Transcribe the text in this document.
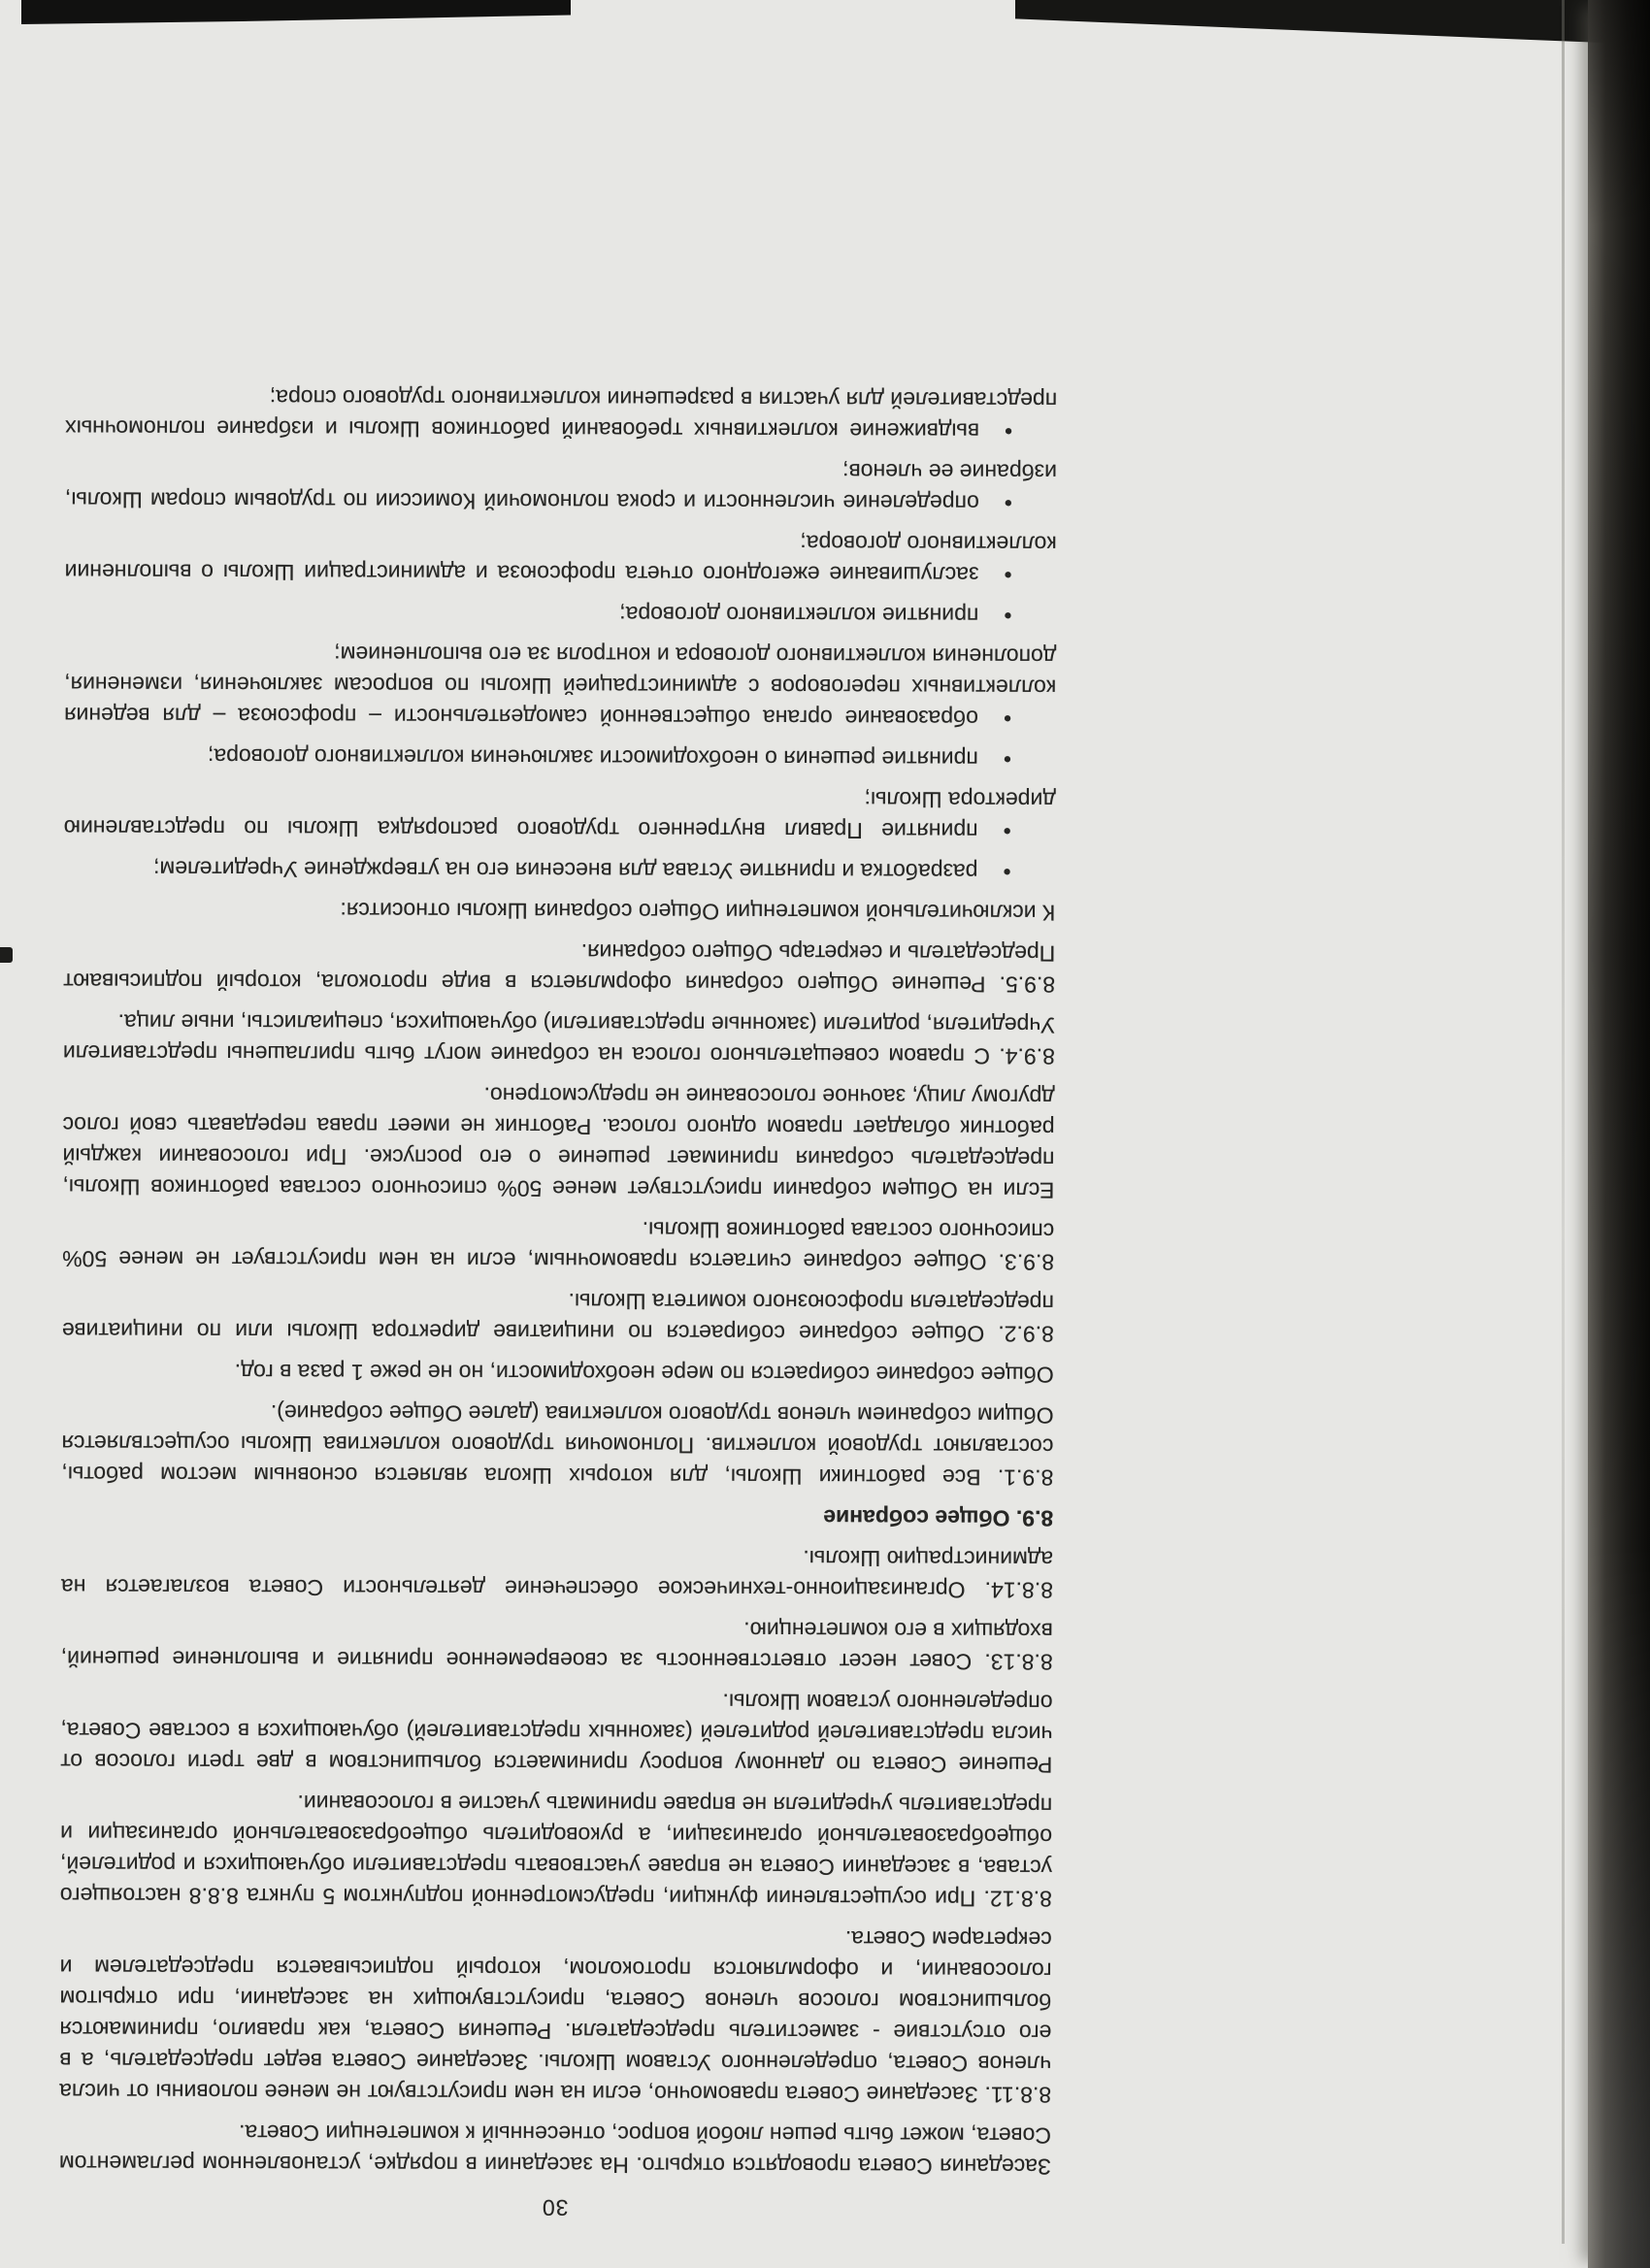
30

Заседания Совета проводятся открыто. На заседании в порядке, установленном регламентом Совета, может быть решен любой вопрос, отнесенный к компетенции Совета.

8.8.11. Заседание Совета правомочно, если на нем присутствуют не менее половины от числа членов Совета, определенного Уставом Школы. Заседание Совета ведет председатель, а в его отсутствие - заместитель председателя. Решения Совета, как правило, принимаются большинством голосов членов Совета, присутствующих на заседании, при открытом голосовании, и оформляются протоколом, который подписывается председателем и секретарем Совета.

8.8.12. При осуществлении функции, предусмотренной подпунктом 5 пункта 8.8.8 настоящего устава, в заседании Совета не вправе участвовать представители обучающихся и родителей, общеобразовательной организации, а руководитель общеобразовательной организации и представитель учредителя не вправе принимать участие в голосовании.

Решение Совета по данному вопросу принимается большинством в две трети голосов от числа представителей родителей (законных представителей) обучающихся в составе Совета, определенного уставом Школы.

8.8.13. Совет несет ответственность за своевременное принятие и выполнение решений, входящих в его компетенцию.

8.8.14. Организационно-техническое обеспечение деятельности Совета возлагается на администрацию Школы.

8.9. Общее собрание

8.9.1. Все работники Школы, для которых Школа является основным местом работы, составляют трудовой коллектив. Полномочия трудового коллектива Школы осуществляется Общим собранием членов трудового коллектива (далее Общее собрание).

Общее собрание собирается по мере необходимости, но не реже 1 раза в год.

8.9.2. Общее собрание собирается по инициативе директора Школы или по инициативе председателя профсоюзного комитета Школы.

8.9.3. Общее собрание считается правомочным, если на нем присутствует не менее 50% списочного состава работников Школы.

Если на Общем собрании присутствует менее 50% списочного состава работников Школы, председатель собрания принимает решение о его роспуске. При голосовании каждый работник обладает правом одного голоса. Работник не имеет права передавать свой голос другому лицу, заочное голосование не предусмотрено.

8.9.4. С правом совещательного голоса на собрание могут быть приглашены представители Учредителя, родители (законные представители) обучающихся, специалисты, иные лица.

8.9.5. Решение Общего собрания оформляется в виде протокола, который подписывают Председатель и секретарь Общего собрания.

К исключительной компетенции Общего собрания Школы относится:

•разработка и принятие Устава для внесения его на утверждение Учредителем;

•принятие Правил внутреннего трудового распорядка Школы по представлению директора Школы;

•принятие решения о необходимости заключения коллективного договора;

•образование органа общественной самодеятельности – профсоюза – для ведения коллективных переговоров с администрацией Школы по вопросам заключения, изменения, дополнения коллективного договора и контроля за его выполнением;

•принятие коллективного договора;

•заслушивание ежегодного отчета профсоюза и администрации Школы о выполнении коллективного договора;

•определение численности и срока полномочий Комиссии по трудовым спорам Школы, избрание ее членов;

•выдвижение коллективных требований работников Школы и избрание полномочных представителей для участия в разрешении коллективного трудового спора;
